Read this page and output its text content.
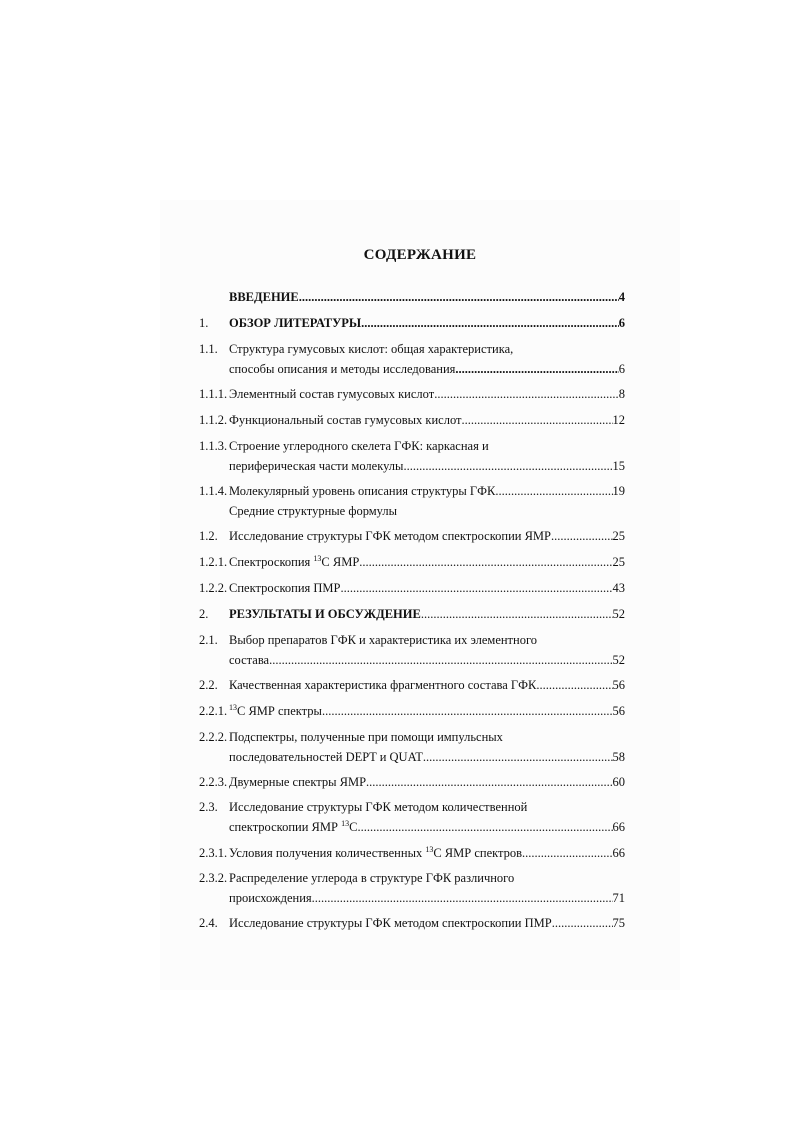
СОДЕРЖАНИЕ
ВВЕДЕНИЕ .....	4
1. ОБЗОР ЛИТЕРАТУРЫ .....	6
1.1. Структура гумусовых кислот: общая характеристика,
способы описания и методы исследования .....	6
1.1.1. Элементный состав гумусовых кислот .....	8
1.1.2. Функциональный состав гумусовых кислот .....	12
1.1.3. Строение углеродного скелета ГФК: каркасная и
периферическая части молекулы .....	15
1.1.4. Молекулярный уровень описания структуры ГФК. .....	19
Средние структурные формулы
1.2. Исследование структуры ГФК методом спектроскопии ЯМР .....	25
1.2.1. Спектроскопия $^{13}$С ЯМР .....	25
1.2.2. Спектроскопия ПМР .....	43
2. РЕЗУЛЬТАТЫ И ОБСУЖДЕНИЕ .....	52
2.1. Выбор препаратов ГФК и характеристика их элементного
состава .....	52
2.2. Качественная характеристика фрагментного состава ГФК .....	56
2.2.1. $^{13}$С ЯМР спектры .....	56
2.2.2. Подспектры, полученные при помощи импульсных
последовательностей DEPT и QUAT .....	58
2.2.3. Двумерные спектры ЯМР .....	60
2.3. Исследование структуры ГФК методом количественной
спектроскопии ЯМР $^{13}$С .....	66
2.3.1. Условия получения количественных $^{13}$С ЯМР спектров .....	66
2.3.2. Распределение углерода в структуре ГФК различного
происхождения .....	71
2.4. Исследование структуры ГФК методом спектроскопии ПМР .....	75
